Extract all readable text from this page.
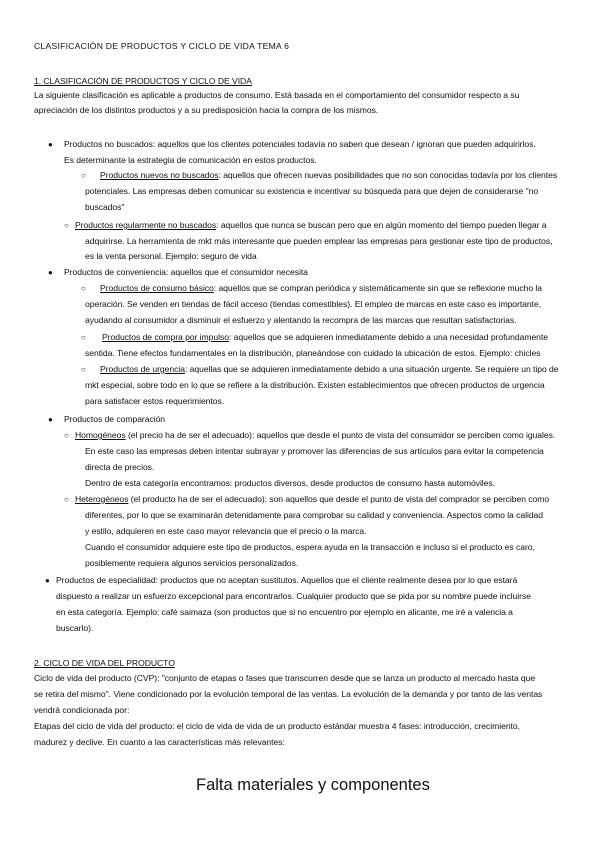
CLASIFICACIÓN DE PRODUCTOS Y CICLO DE VIDA TEMA 6
1. CLASIFICACIÓN DE PRODUCTOS Y CICLO DE VIDA
La siguiente clasificación es aplicable a productos de consumo. Está basada en el comportamiento del consumidor respecto a su
apreciación de los distintos productos y a su predisposición hacia la compra de los mismos.
● Productos no buscados: aquellos que los clientes potenciales todavía no saben que desean / ignoran que pueden adquirirlos.
Es determinante la estrategia de comunicación en estos productos.
○ Productos nuevos no buscados: aquellos que ofrecen nuevas posibilidades que no son conocidas todavía por los clientes
potenciales. Las empresas deben comunicar su existencia e incentivar su búsqueda para que dejen de considerarse "no
buscados"
○ Productos regularmente no buscados: aquellos que nunca se buscan pero que en algún momento del tiempo pueden llegar a
adquirirse. La herramienta de mkt más interesante que pueden emplear las empresas para gestionar este tipo de productos,
es la venta personal. Ejemplo: seguro de vida
● Productos de conveniencia: aquellos que el consumidor necesita
○ Productos de consumo básico: aquellos que se compran periódica y sistemáticamente sin que se reflexione mucho la
operación. Se venden en tiendas de fácil acceso (tiendas comestibles). El empleo de marcas en este caso es importante,
ayudando al consumidor a disminuir el esfuerzo y alentando la recompra de las marcas que resultan satisfactorias.
○ Productos de compra por impulso: aquellos que se adquieren inmediatamente debido a una necesidad profundamente
sentida. Tiene efectos fundamentales en la distribución, planeándose con cuidado la ubicación de estos. Ejemplo: chicles
○ Productos de urgencia: aquellas que se adquieren inmediatamente debido a una situación urgente. Se requiere un tipo de
mkt especial, sobre todo en lo que se refiere a la distribución. Existen establecimientos que ofrecen productos de urgencia
para satisfacer estos requerimientos.
● Productos de comparación
○ Homogéneos (el precio ha de ser el adecuado): aquellos que desde el punto de vista del consumidor se perciben como iguales.
En este caso las empresas deben intentar subrayar y promover las diferencias de sus artículos para evitar la competencia
directa de precios.
Dentro de esta categoría encontramos: productos diversos, desde productos de consumo hasta automóviles.
○ Heterogéneos (el producto ha de ser el adecuado): son aquellos que desde el punto de vista del comprador se perciben como
diferentes, por lo que se examinarán detenidamente para comprobar su calidad y conveniencia. Aspectos como la calidad
y estilo, adquieren en este caso mayor relevancia que el precio o la marca.
Cuando el consumidor adquiere este tipo de productos, espera ayuda en la transacción e incluso si el producto es caro,
posiblemente requiera algunos servicios personalizados.
● Productos de especialidad: productos que no aceptan sustitutos. Aquellos que el cliente realmente desea por lo que estará
dispuesto a realizar un esfuerzo excepcional para encontrarlos. Cualquier producto que se pida por su nombre puede incluirse
en esta categoría. Ejemplo: café saimaza (son productos que si no encuentro por ejemplo en alicante, me iré a valencia a
buscarlo).
2. CICLO DE VIDA DEL PRODUCTO
Ciclo de vida del producto (CVP): "conjunto de etapas o fases que transcurren desde que se lanza un producto al mercado hasta que
se retira del mismo". Viene condicionado por la evolución temporal de las ventas. La evolución de la demanda y por tanto de las ventas
vendrá condicionada por:
Etapas del ciclo de vida del producto: el ciclo de vida de vida de un producto estándar muestra 4 fases: introducción, crecimiento,
madurez y declive. En cuanto a las características más relevantes:
Falta materiales y componentes
